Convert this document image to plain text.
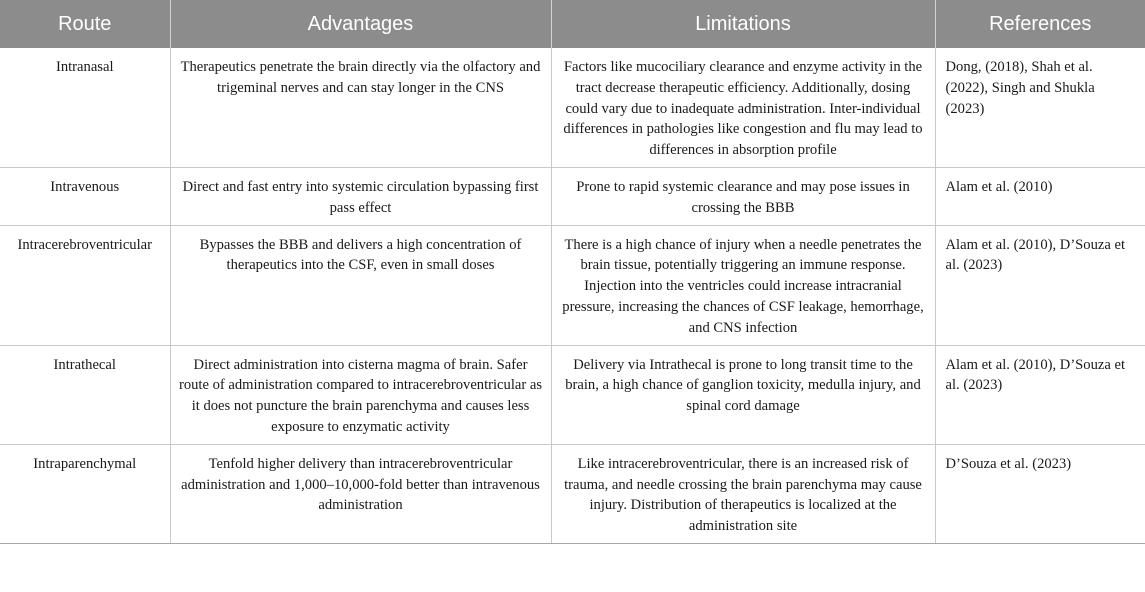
Route	Advantages	Limitations	References
Intranasal	Therapeutics penetrate the brain directly via the olfactory and trigeminal nerves and can stay longer in the CNS	Factors like mucociliary clearance and enzyme activity in the tract decrease therapeutic efficiency. Additionally, dosing could vary due to inadequate administration. Inter-individual differences in pathologies like congestion and flu may lead to differences in absorption profile	Dong, (2018), Shah et al. (2022), Singh and Shukla (2023)
Intravenous	Direct and fast entry into systemic circulation bypassing first pass effect	Prone to rapid systemic clearance and may pose issues in crossing the BBB	Alam et al. (2010)
Intracerebroventricular	Bypasses the BBB and delivers a high concentration of therapeutics into the CSF, even in small doses	There is a high chance of injury when a needle penetrates the brain tissue, potentially triggering an immune response. Injection into the ventricles could increase intracranial pressure, increasing the chances of CSF leakage, hemorrhage, and CNS infection	Alam et al. (2010), D’Souza et al. (2023)
Intrathecal	Direct administration into cisterna magma of brain. Safer route of administration compared to intracerebroventricular as it does not puncture the brain parenchyma and causes less exposure to enzymatic activity	Delivery via Intrathecal is prone to long transit time to the brain, a high chance of ganglion toxicity, medulla injury, and spinal cord damage	Alam et al. (2010), D’Souza et al. (2023)
Intraparenchymal	Tenfold higher delivery than intracerebroventricular administration and 1,000–10,000-fold better than intravenous administration	Like intracerebroventricular, there is an increased risk of trauma, and needle crossing the brain parenchyma may cause injury. Distribution of therapeutics is localized at the administration site	D’Souza et al. (2023)
